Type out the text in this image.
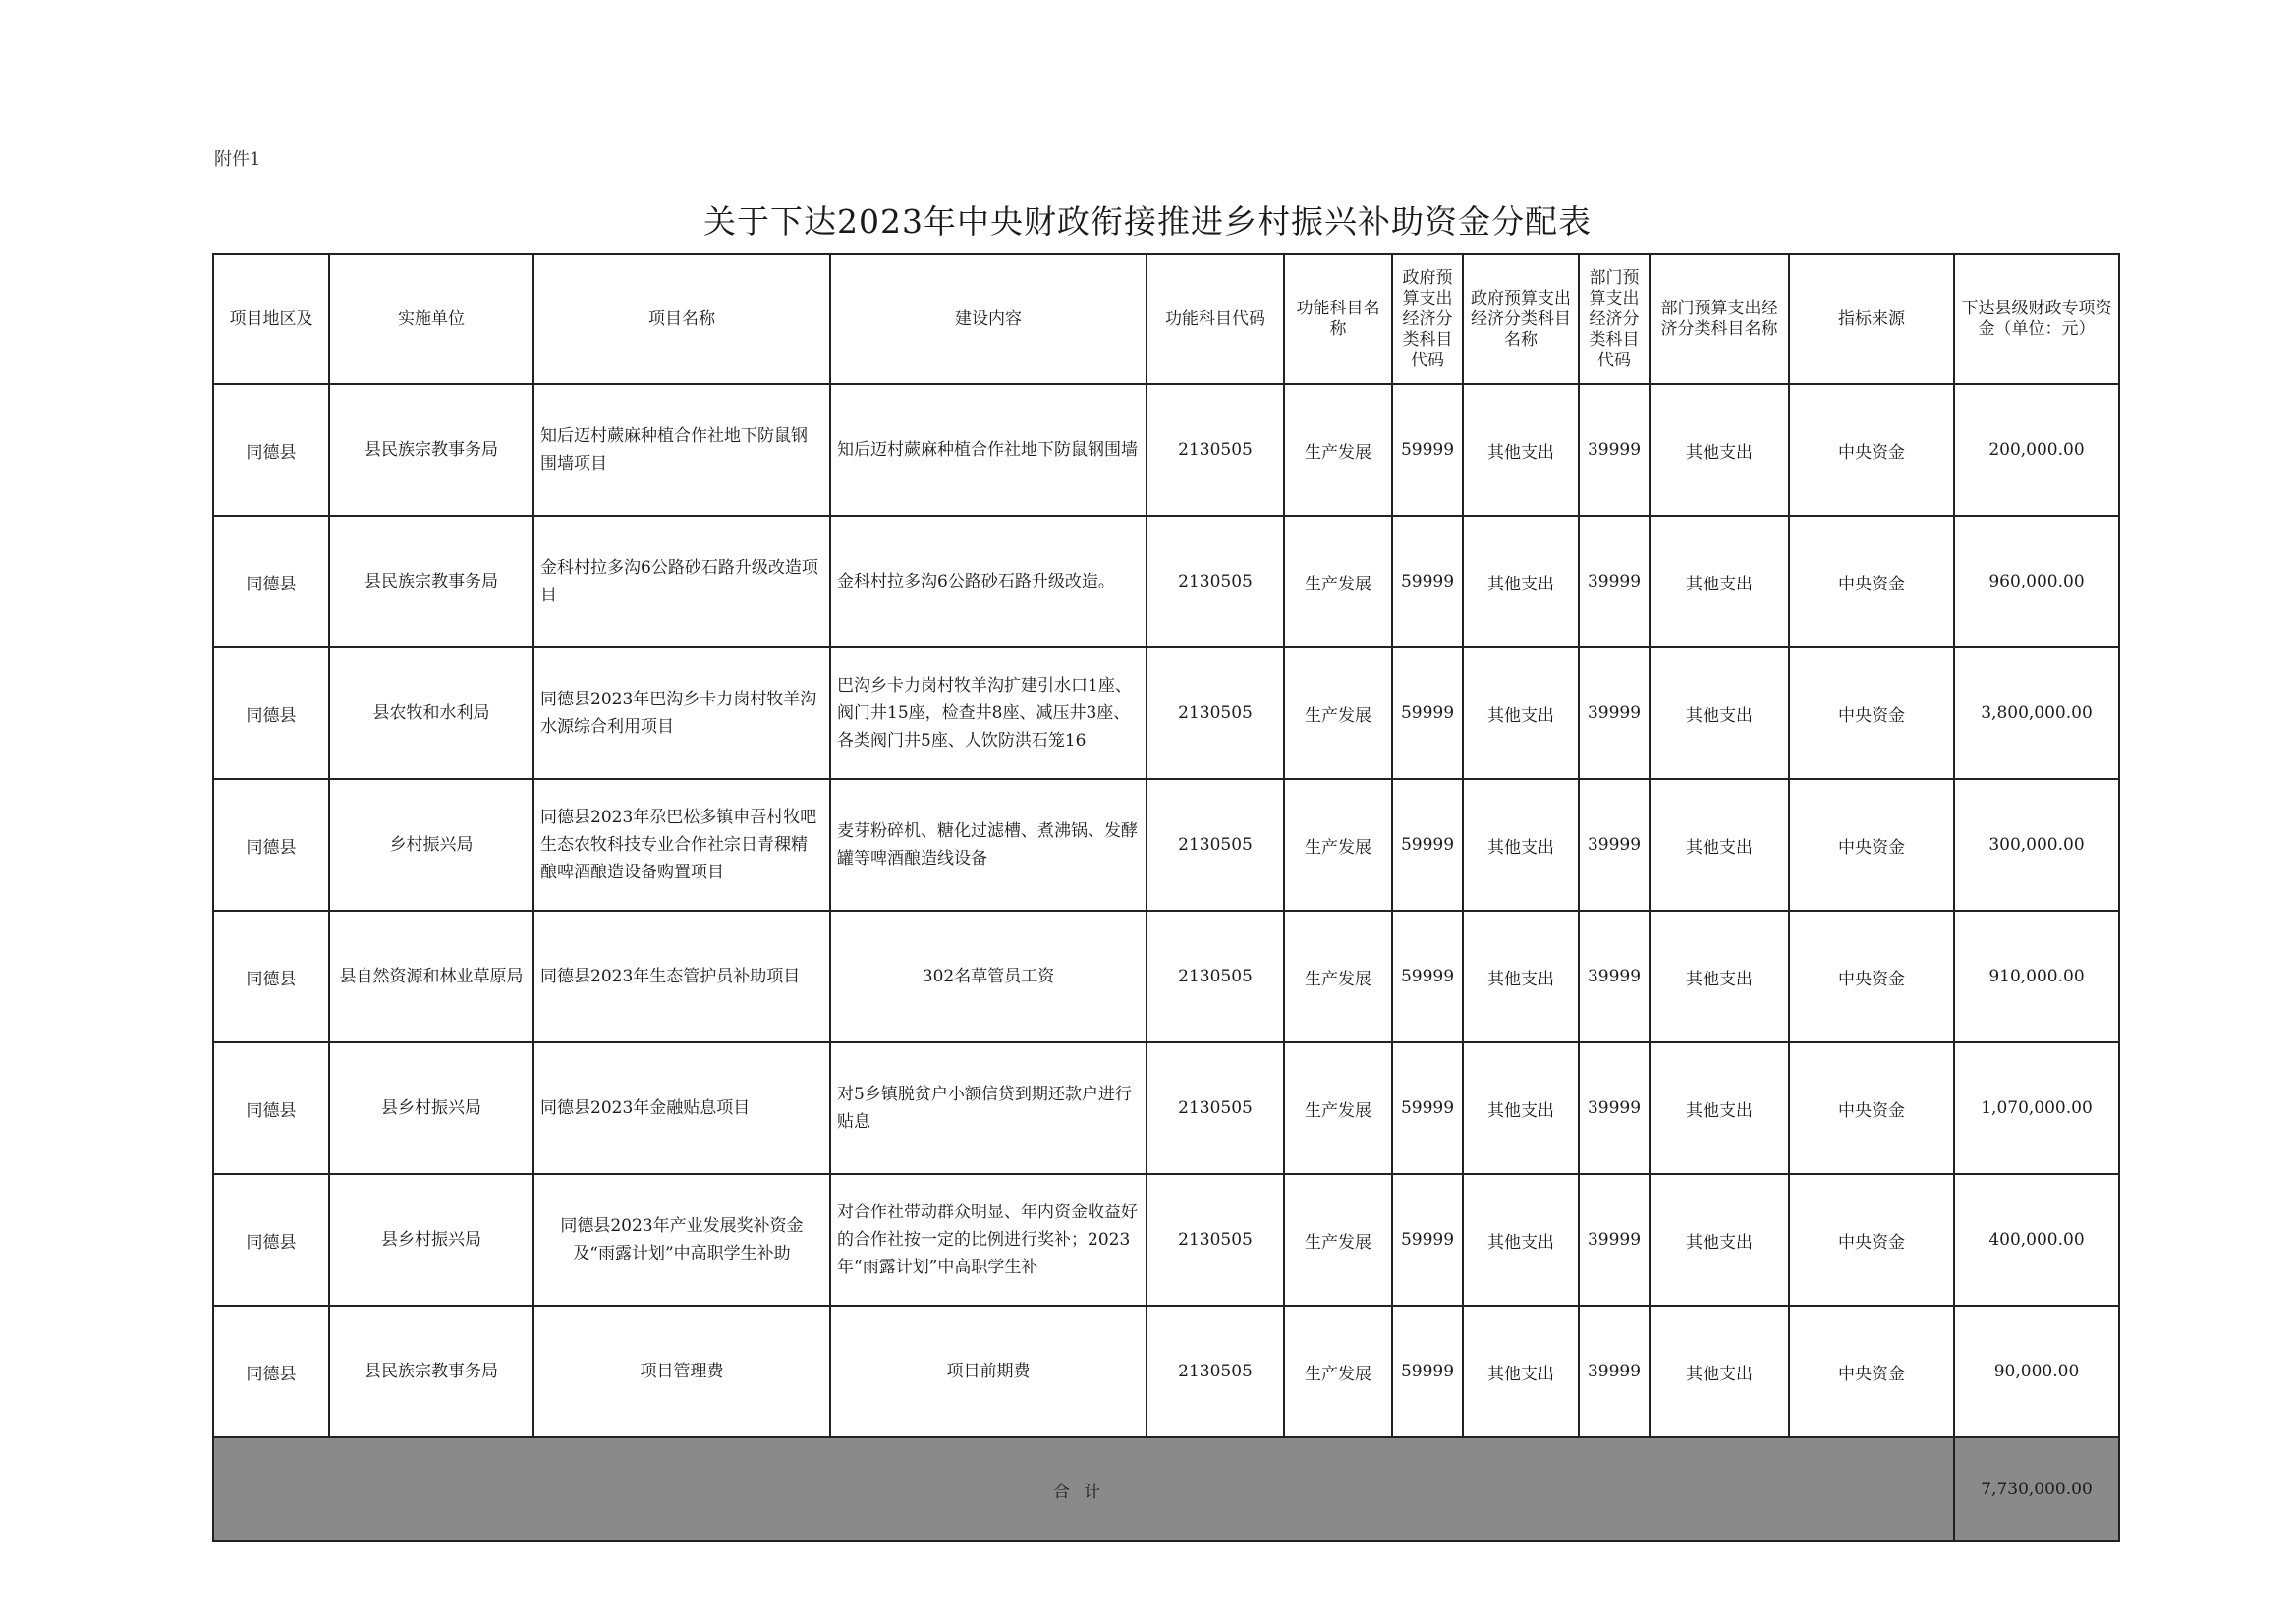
附件1
关于下达2023年中央财政衔接推进乡村振兴补助资金分配表
项目地区及	实施单位	项目名称	建设内容	功能科目代码	功能科目名称	政府预算支出经济分类科目代码	政府预算支出经济分类科目名称	部门预算支出经济分类科目代码	部门预算支出经济分类科目名称	指标来源	下达县级财政专项资金（单位：元）
同德县	县民族宗教事务局	知后迈村蕨麻种植合作社地下防鼠钢围墙项目	知后迈村蕨麻种植合作社地下防鼠钢围墙	2130505	生产发展	59999	其他支出	39999	其他支出	中央资金	200,000.00
同德县	县民族宗教事务局	金科村拉多沟6公路砂石路升级改造项目	金科村拉多沟6公路砂石路升级改造。	2130505	生产发展	59999	其他支出	39999	其他支出	中央资金	960,000.00
同德县	县农牧和水利局	同德县2023年巴沟乡卡力岗村牧羊沟水源综合利用项目	巴沟乡卡力岗村牧羊沟扩建引水口1座、阀门井15座，检查井8座、减压井3座、各类阀门井5座、人饮防洪石笼16	2130505	生产发展	59999	其他支出	39999	其他支出	中央资金	3,800,000.00
同德县	乡村振兴局	同德县2023年尕巴松多镇申吾村牧吧生态农牧科技专业合作社宗日青稞精酿啤酒酿造设备购置项目	麦芽粉碎机、糖化过滤槽、煮沸锅、发酵罐等啤酒酿造线设备	2130505	生产发展	59999	其他支出	39999	其他支出	中央资金	300,000.00
同德县	县自然资源和林业草原局	同德县2023年生态管护员补助项目	302名草管员工资	2130505	生产发展	59999	其他支出	39999	其他支出	中央资金	910,000.00
同德县	县乡村振兴局	同德县2023年金融贴息项目	对5乡镇脱贫户小额信贷到期还款户进行贴息	2130505	生产发展	59999	其他支出	39999	其他支出	中央资金	1,070,000.00
同德县	县乡村振兴局	同德县2023年产业发展奖补资金及“雨露计划”中高职学生补助	对合作社带动群众明显、年内资金收益好的合作社按一定的比例进行奖补；2023年“雨露计划”中高职学生补	2130505	生产发展	59999	其他支出	39999	其他支出	中央资金	400,000.00
同德县	县民族宗教事务局	项目管理费	项目前期费	2130505	生产发展	59999	其他支出	39999	其他支出	中央资金	90,000.00
合计											7,730,000.00
